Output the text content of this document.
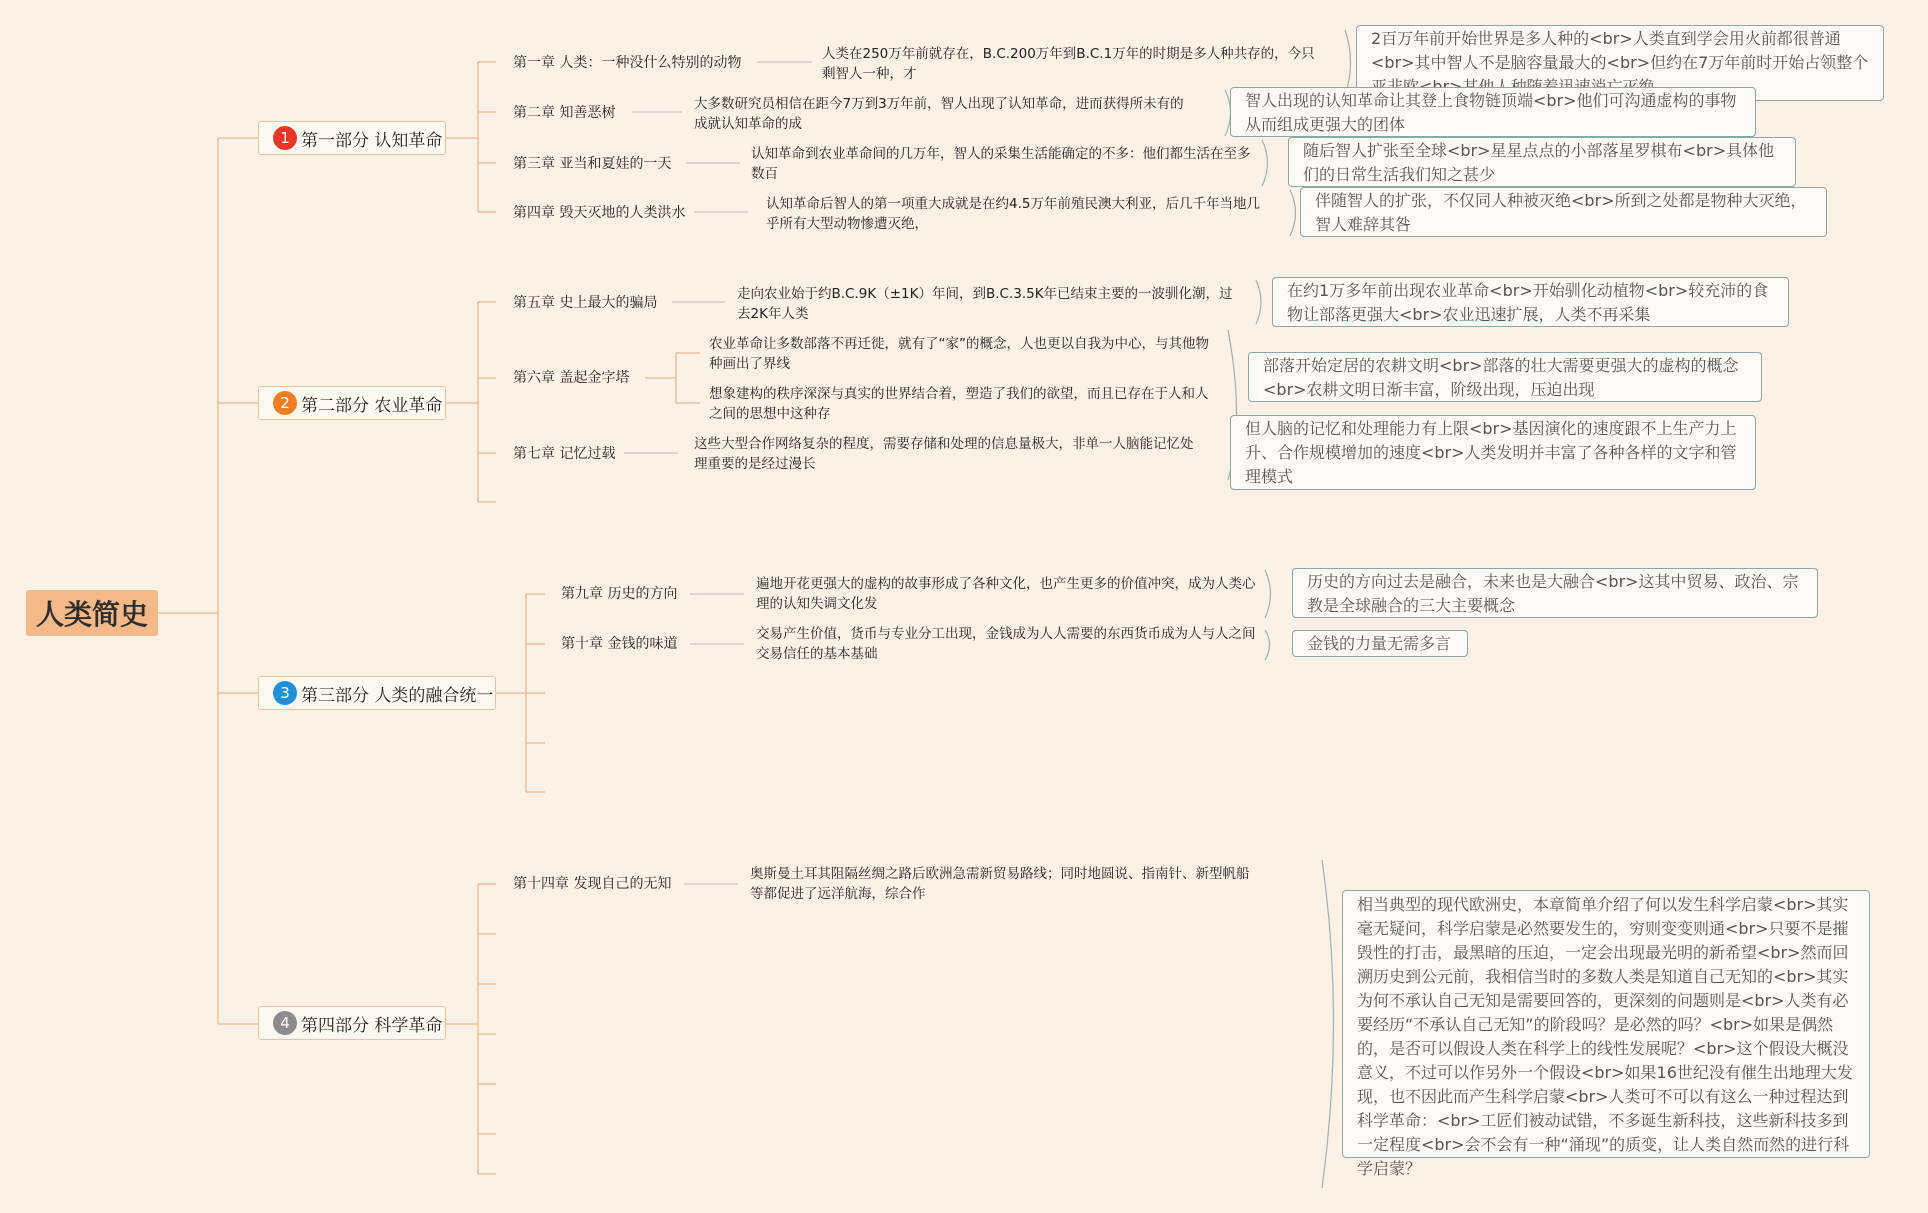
人类简史
1 第一部分 认知革命
第一章 人类：一种没什么特别的动物
人类在250万年前就存在，B.C.200万年到B.C.1万年的时期是多人种共存的，今只剩智人一种，才
2百万年前开始世界是多人种的<br>人类直到学会用火前都很普通<br>其中智人不是脑容量最大的<br>但约在7万年前时开始占领整个
第二章 知善恶树
大多数研究员相信在距今7万到3万年前，智人出现了认知革命，进而获得所未有的成就认知革命的成
智人出现的认知革命让其登上食物链顶端<br>他们可沟通虚构的事物从而组成更强大的团体
第三章 亚当和夏娃的一天
认知革命到农业革命间的几万年，智人的采集生活能确定的不多：他们都生活在至多数百
随后智人扩张至全球<br>星星点点的小部落星罗棋布<br>具体他们的日常生活我们知之甚少
第四章 毁天灭地的人类洪水
认知革命后智人的第一项重大成就是在约4.5万年前殖民澳大利亚，后几千年当地几乎所有大型动物惨遭灭绝，
伴随智人的扩张，不仅同人种被灭绝<br>所到之处都是物种大灭绝，智人难辞其咎
2 第二部分 农业革命
第五章 史上最大的骗局
走向农业始于约B.C.9K（±1K）年间，到B.C.3.5K年已结束主要的一波驯化潮，过去2K年人类
在约1万多年前出现农业革命<br>开始驯化动植物<br>较充沛的食物让部落更强大<br>农业迅速扩展，人类不再采集
第六章 盖起金字塔
农业革命让多数部落不再迁徙，就有了“家”的概念，人也更以自我为中心，与其他物种画出了界线
想象建构的秩序深深与真实的世界结合着，塑造了我们的欲望，而且已存在于人和人之间的思想中这种存
部落开始定居的农耕文明<br>部落的壮大需要更强大的虚构的概念<br>农耕文明日渐丰富，阶级出现，压迫出现
第七章 记忆过载
这些大型合作网络复杂的程度，需要存储和处理的信息量极大，非单一人脑能记忆处理重要的是经过漫长
但人脑的记忆和处理能力有上限<br>基因演化的速度跟不上生产力上升、合作规模增加的速度<br>人类发明并丰富了各种各样的文字和管理模式
3 第三部分 人类的融合统一
第九章 历史的方向
遍地开花更强大的虚构的故事形成了各种文化，也产生更多的价值冲突，成为人类心理的认知失调文化发
历史的方向过去是融合，未来也是大融合<br>这其中贸易、政治、宗教是全球融合的三大主要概念
第十章 金钱的味道
交易产生价值，货币与专业分工出现，金钱成为人人需要的东西货币成为人与人之间交易信任的基本基础
金钱的力量无需多言
4 第四部分 科学革命
第十四章 发现自己的无知
奥斯曼土耳其阻隔丝绸之路后欧洲急需新贸易路线；同时地圆说、指南针、新型帆船等都促进了远洋航海，综合作
相当典型的现代欧洲史，本章简单介绍了何以发生科学启蒙<br>其实毫无疑问，科学启蒙是必然要发生的，穷则变变则通<br>只要不是摧毁性的打击，最黑暗的压迫，一定会出现最光明的新希望<br>然而回溯历史到公元前，我相信当时的多数人类是知道自己无知的<br>其实为何不承认自己无知是需要回答的，更深刻的问题则是<br>人类有必要经历“不承认自己无知”的阶段吗？是必然的吗？<br>如果是偶然的，是否可以假设人类在科学上的线性发展呢？<br>这个假设大概没意义，不过可以作另外一个假设<br>如果16世纪没有催生出地理大发现，也不因此而产生科学启蒙<br>人类可不可以有这么一种过程达到科学革命：<br>工匠们被动试错，不多诞生新科技，这些新科技多到一定程度<br>会不会有一种“涌现”的质变，让人类自然而然的进行科学启蒙？
